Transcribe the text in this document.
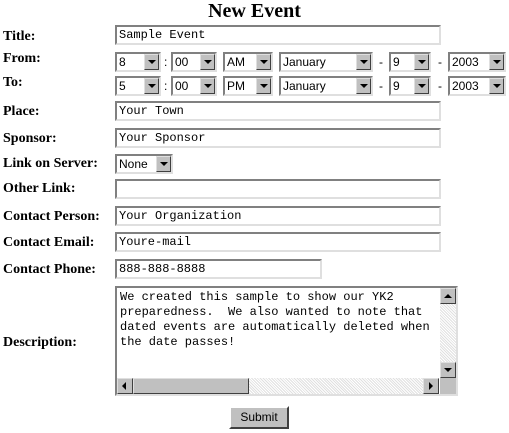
New Event
Title:	Sample Event
From:	8	: 00	AM	January	- 9	- 2003
To:	5	: 00	PM	January	- 9	- 2003
Place:	Your Town
Sponsor:	Your Sponsor
Link on Server: None
Other Link:
Contact Person:	Your Organization
Contact Email:	Youre-mail
Contact Phone:	888-888-8888
Description:
We created this sample to show our YK2 preparedness.  We also wanted to note that dated events are automatically deleted when the date passes!
Submit
